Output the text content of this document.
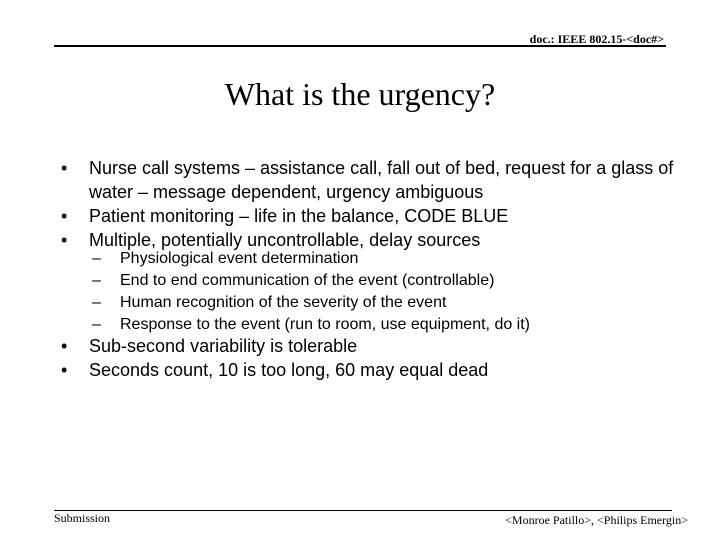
doc.: IEEE 802.15-<doc#>
What is the urgency?
• Nurse call systems – assistance call, fall out of bed, request for a glass of water – message dependent, urgency ambiguous
• Patient monitoring – life in the balance, CODE BLUE
• Multiple, potentially uncontrollable, delay sources
– Physiological event determination
– End to end communication of the event (controllable)
– Human recognition of the severity of the event
– Response to the event (run to room, use equipment, do it)
• Sub-second variability is tolerable
• Seconds count, 10 is too long, 60 may equal dead
Submission	<Monroe Patillo>, <Philips Emergin>
